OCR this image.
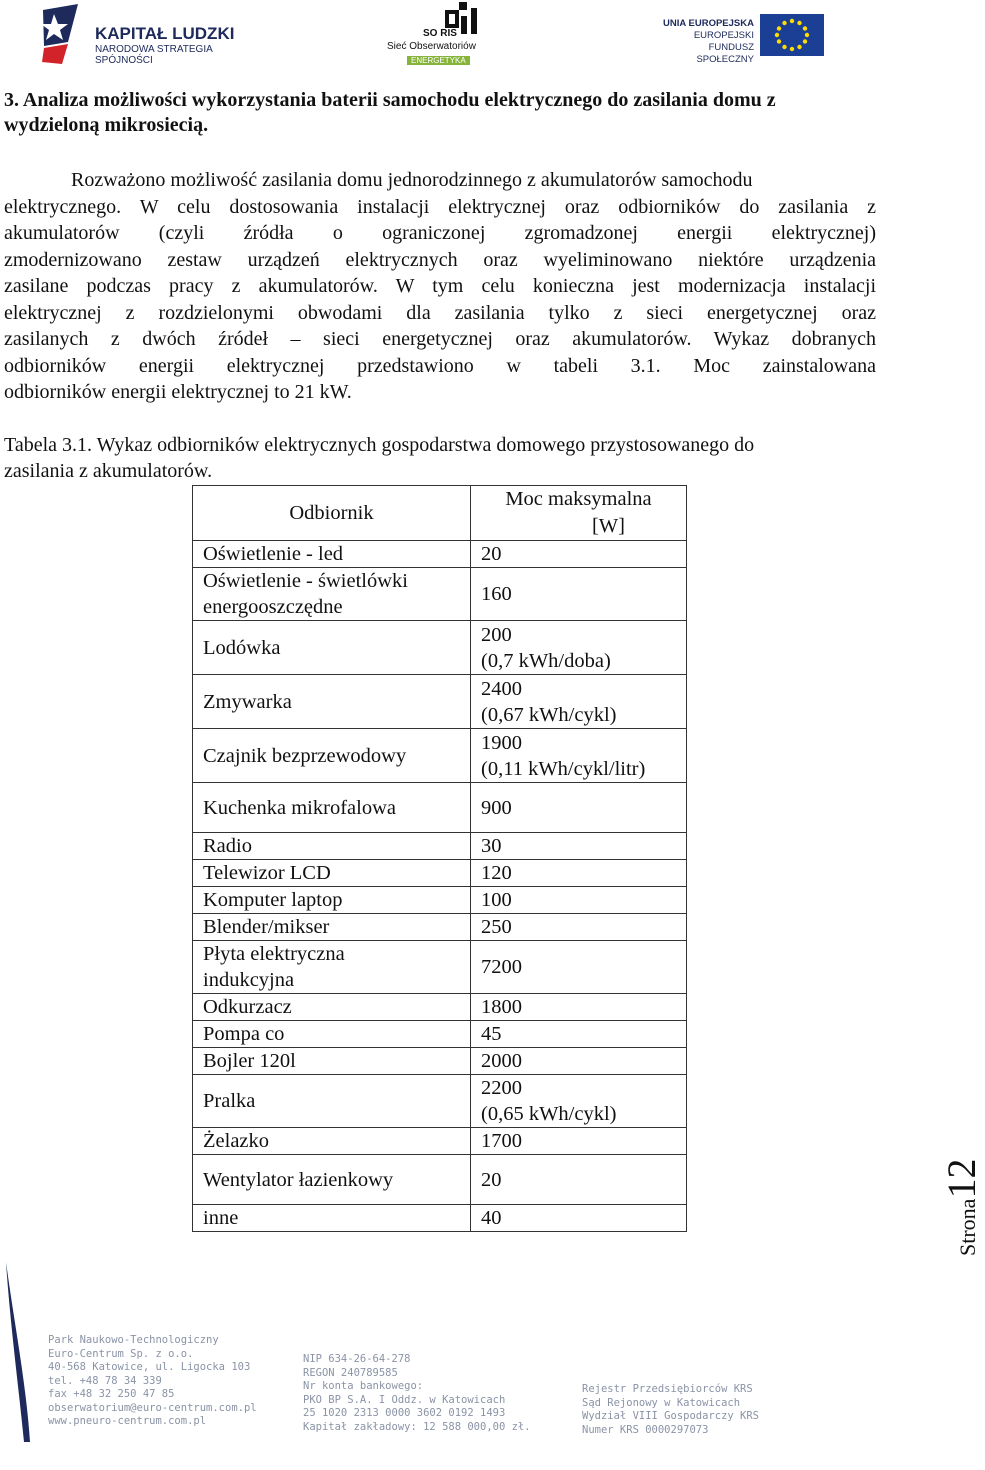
KAPITAŁ LUDZKI
NARODOWA STRATEGIA SPÓJNOŚCI
SO RIS
Sieć Obserwatoriów
ENERGETYKA
UNIA EUROPEJSKA
EUROPEJSKI
FUNDUSZ SPOŁECZNY
3. Analiza możliwości wykorzystania baterii samochodu elektrycznego do zasilania domu z wydzieloną mikrosiecią.
Rozważono możliwość zasilania domu jednorodzinnego z akumulatorów samochodu
elektrycznego. W celu dostosowania instalacji elektrycznej oraz odbiorników do zasilania z
akumulatorów (czyli źródła o ograniczonej zgromadzonej energii elektrycznej)
zmodernizowano zestaw urządzeń elektrycznych oraz wyeliminowano niektóre urządzenia
zasilane podczas pracy z akumulatorów. W tym celu konieczna jest modernizacja instalacji
elektrycznej z rozdzielonymi obwodami dla zasilania tylko z sieci energetycznej oraz
zasilanych z dwóch źródeł – sieci energetycznej oraz akumulatorów. Wykaz dobranych
odbiorników energii elektrycznej przedstawiono w tabeli 3.1. Moc zainstalowana
odbiorników energii elektrycznej to 21 kW.
Tabela 3.1. Wykaz odbiorników elektrycznych gospodarstwa domowego przystosowanego do
zasilania z akumulatorów.
Odbiornik	Moc maksymalna
[W]

Oświetlenie - led	20

Oświetlenie - świetlówki
energooszczędne	160

Lodówka	200
(0,7 kWh/doba)

Zmywarka	2400
(0,67 kWh/cykl)

Czajnik bezprzewodowy	1900
(0,11 kWh/cykl/litr)

Kuchenka mikrofalowa	900

Radio	30

Telewizor LCD	120

Komputer laptop	100

Blender/mikser	250

Płyta elektryczna
indukcyjna	7200

Odkurzacz	1800

Pompa co	45

Bojler 120l	2000

Pralka	2200
(0,65 kWh/cykl)

Żelazko	1700

Wentylator łazienkowy	20

inne	40	Strona12
Park Naukowo-Technologiczny
Euro-Centrum Sp. z o.o.
40-568 Katowice, ul. Ligocka 103
tel. +48 78 34 339
fax +48 32 250 47 85
obserwatorium@euro-centrum.com.pl
www.pneuro-centrum.com.pl
NIP 634-26-64-278
REGON 240789585
Nr konta bankowego:
PKO BP S.A. I Oddz. w Katowicach
25 1020 2313 0000 3602 0192 1493
Kapitał zakładowy: 12 588 000,00 zł.
Rejestr Przedsiębiorców KRS
Sąd Rejonowy w Katowicach
Wydział VIII Gospodarczy KRS
Numer KRS 0000297073
